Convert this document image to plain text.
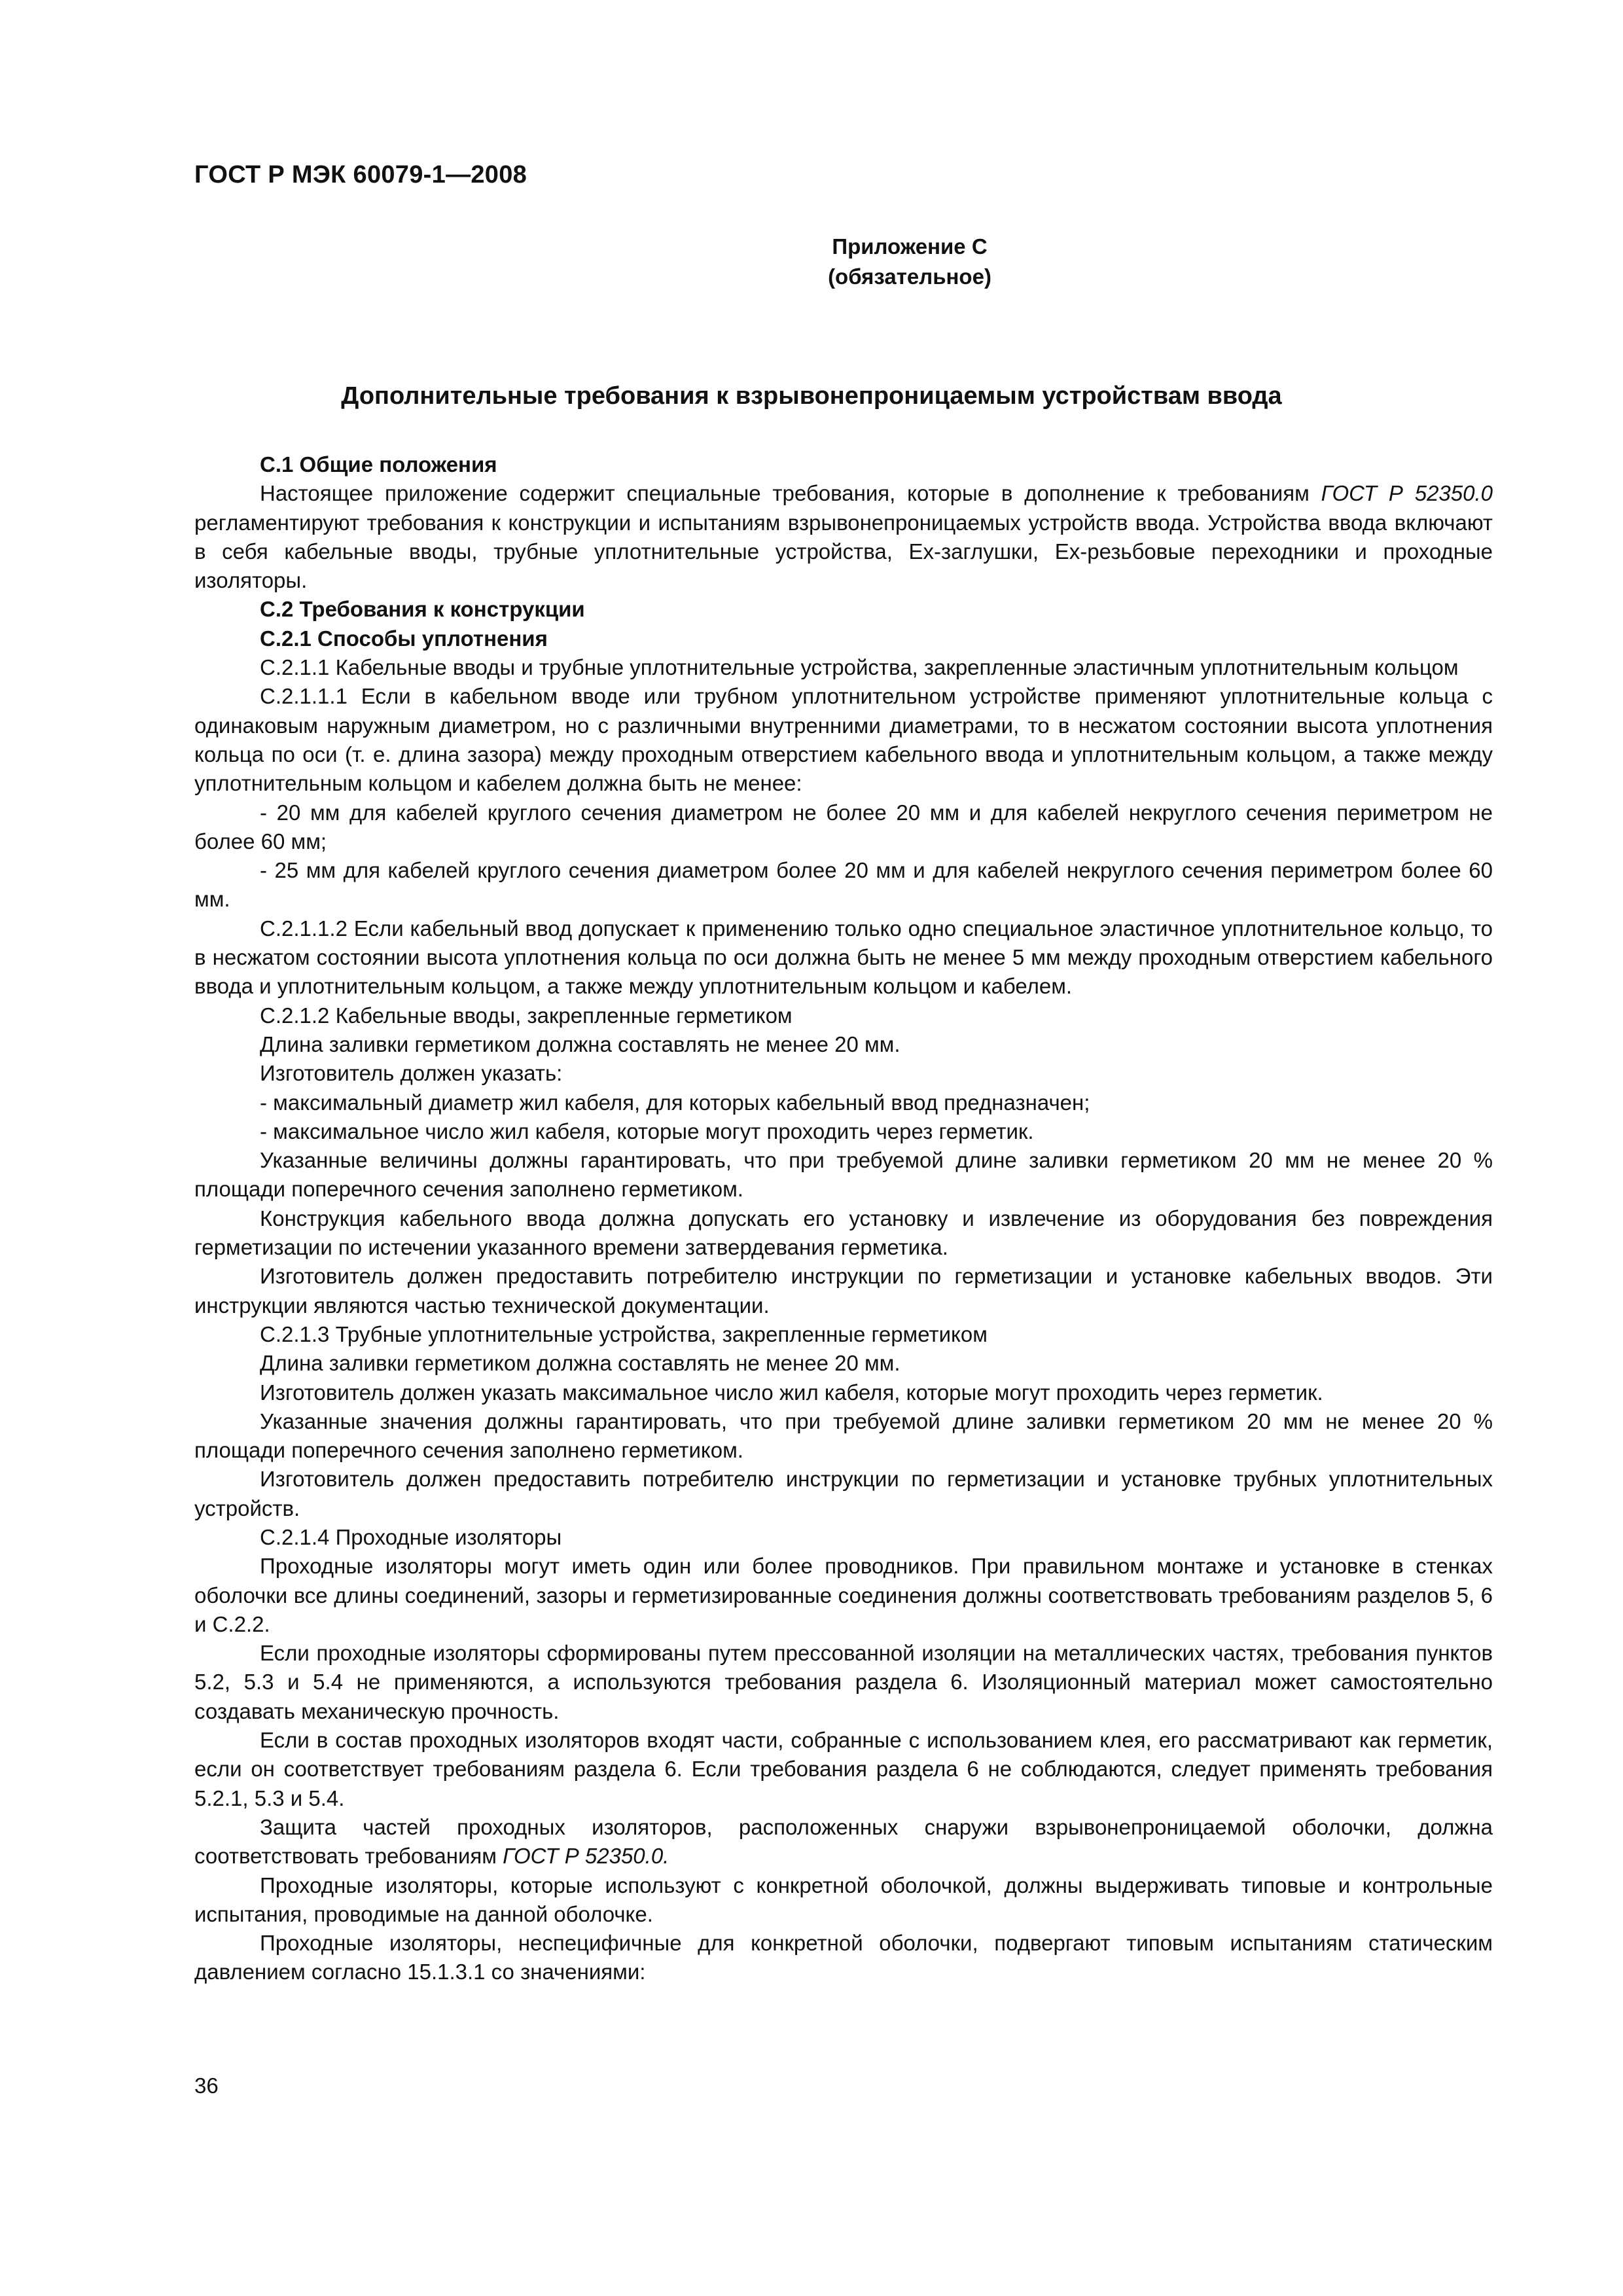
ГОСТ Р МЭК 60079-1—2008
Приложение С
(обязательное)
Дополнительные требования к взрывонепроницаемым устройствам ввода

С.1 Общие положения

Настоящее приложение содержит специальные требования, которые в дополнение к требованиям ГОСТ Р 52350.0 регламентируют требования к конструкции и испытаниям взрывонепроницаемых устройств ввода. Устройства ввода включают в себя кабельные вводы, трубные уплотнительные устройства, Ех-заглушки, Ех-резьбовые переходники и проходные изоляторы.

С.2 Требования к конструкции

С.2.1 Способы уплотнения

С.2.1.1 Кабельные вводы и трубные уплотнительные устройства, закрепленные эластичным уплотнительным кольцом

С.2.1.1.1 Если в кабельном вводе или трубном уплотнительном устройстве применяют уплотнительные кольца с одинаковым наружным диаметром, но с различными внутренними диаметрами, то в несжатом состоянии высота уплотнения кольца по оси (т. е. длина зазора) между проходным отверстием кабельного ввода и уплотнительным кольцом, а также между уплотнительным кольцом и кабелем должна быть не менее:

- 20 мм для кабелей круглого сечения диаметром не более 20 мм и для кабелей некруглого сечения периметром не более 60 мм;

- 25 мм для кабелей круглого сечения диаметром более 20 мм и для кабелей некруглого сечения периметром более 60 мм.

С.2.1.1.2 Если кабельный ввод допускает к применению только одно специальное эластичное уплотнительное кольцо, то в несжатом состоянии высота уплотнения кольца по оси должна быть не менее 5 мм между проходным отверстием кабельного ввода и уплотнительным кольцом, а также между уплотнительным кольцом и кабелем.

С.2.1.2 Кабельные вводы, закрепленные герметиком

Длина заливки герметиком должна составлять не менее 20 мм.

Изготовитель должен указать:

- максимальный диаметр жил кабеля, для которых кабельный ввод предназначен;

- максимальное число жил кабеля, которые могут проходить через герметик.

Указанные величины должны гарантировать, что при требуемой длине заливки герметиком 20 мм не менее 20 % площади поперечного сечения заполнено герметиком.

Конструкция кабельного ввода должна допускать его установку и извлечение из оборудования без повреждения герметизации по истечении указанного времени затвердевания герметика.

Изготовитель должен предоставить потребителю инструкции по герметизации и установке кабельных вводов. Эти инструкции являются частью технической документации.

С.2.1.3 Трубные уплотнительные устройства, закрепленные герметиком

Длина заливки герметиком должна составлять не менее 20 мм.

Изготовитель должен указать максимальное число жил кабеля, которые могут проходить через герметик.

Указанные значения должны гарантировать, что при требуемой длине заливки герметиком 20 мм не менее 20 % площади поперечного сечения заполнено герметиком.

Изготовитель должен предоставить потребителю инструкции по герметизации и установке трубных уплотнительных устройств.

С.2.1.4 Проходные изоляторы

Проходные изоляторы могут иметь один или более проводников. При правильном монтаже и установке в стенках оболочки все длины соединений, зазоры и герметизированные соединения должны соответствовать требованиям разделов 5, 6 и С.2.2.

Если проходные изоляторы сформированы путем прессованной изоляции на металлических частях, требования пунктов 5.2, 5.3 и 5.4 не применяются, а используются требования раздела 6. Изоляционный материал может самостоятельно создавать механическую прочность.

Если в состав проходных изоляторов входят части, собранные с использованием клея, его рассматривают как герметик, если он соответствует требованиям раздела 6. Если требования раздела 6 не соблюдаются, следует применять требования 5.2.1, 5.3 и 5.4.

Защита частей проходных изоляторов, расположенных снаружи взрывонепроницаемой оболочки, должна соответствовать требованиям ГОСТ Р 52350.0.

Проходные изоляторы, которые используют с конкретной оболочкой, должны выдерживать типовые и контрольные испытания, проводимые на данной оболочке.

Проходные изоляторы, неспецифичные для конкретной оболочки, подвергают типовым испытаниям статическим давлением согласно 15.1.3.1 со значениями:

36
